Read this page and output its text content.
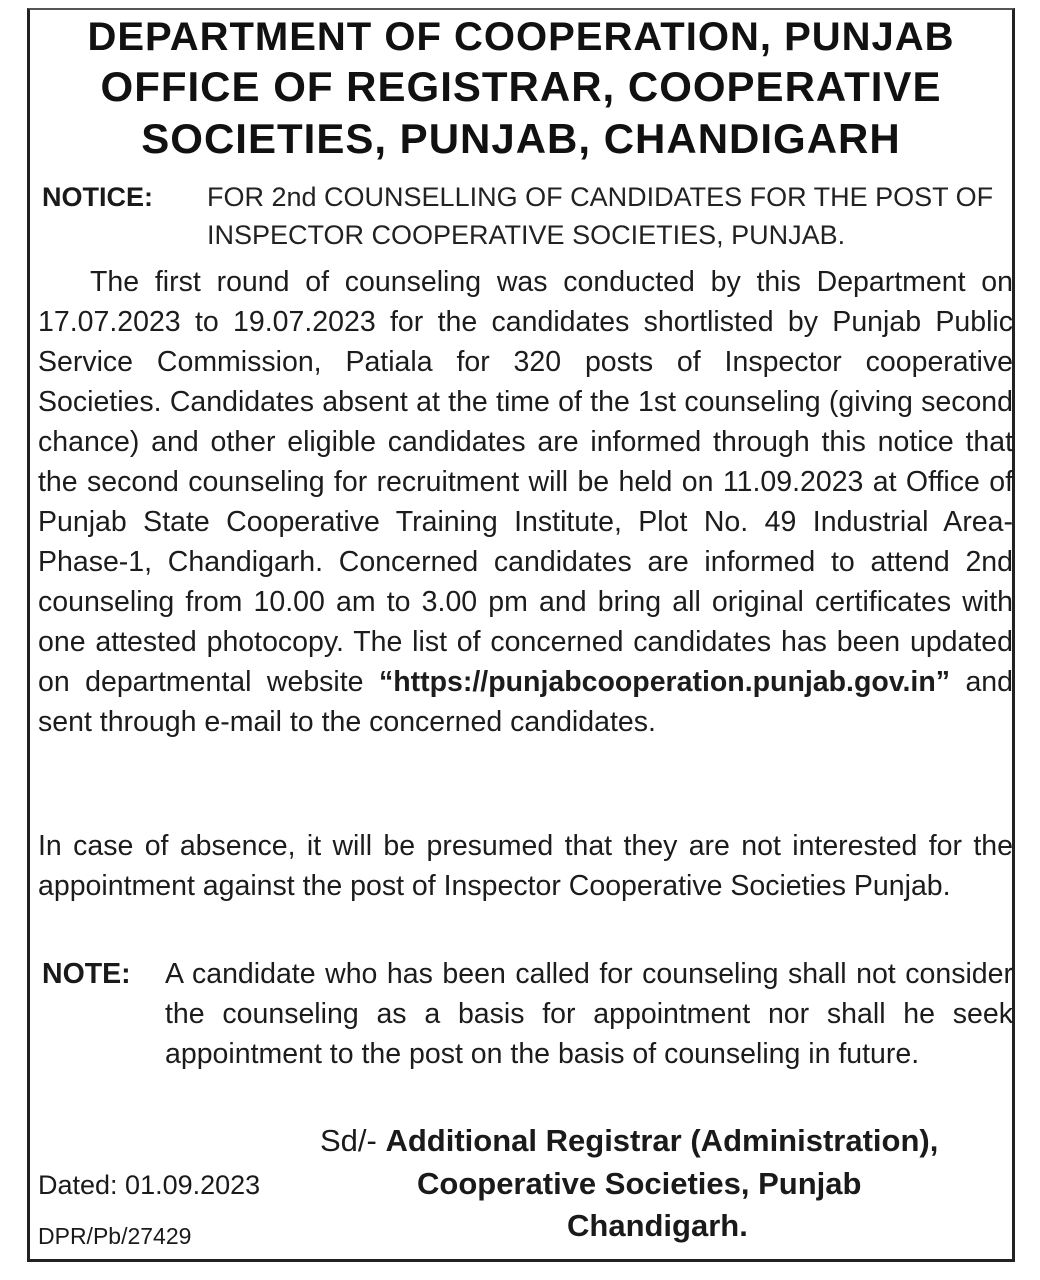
DEPARTMENT OF COOPERATION, PUNJAB
OFFICE OF REGISTRAR, COOPERATIVE
SOCIETIES, PUNJAB, CHANDIGARH
NOTICE: FOR 2nd COUNSELLING OF CANDIDATES FOR THE POST OF INSPECTOR COOPERATIVE SOCIETIES, PUNJAB.

The first round of counseling was conducted by this Department on 17.07.2023 to 19.07.2023 for the candidates shortlisted by Punjab Public Service Commission, Patiala for 320 posts of Inspector cooperative Societies. Candidates absent at the time of the 1st counseling (giving second chance) and other eligible candidates are informed through this notice that the second counseling for recruitment will be held on 11.09.2023 at Office of Punjab State Cooperative Training Institute, Plot No. 49 Industrial Area- Phase-1, Chandigarh. Concerned candidates are informed to attend 2nd counseling from 10.00 am to 3.00 pm and bring all original certificates with one attested photocopy. The list of concerned candidates has been updated on departmental website “https://punjabcooperation.punjab.gov.in” and sent through e-mail to the concerned candidates.

In case of absence, it will be presumed that they are not interested for the appointment against the post of Inspector Cooperative Societies Punjab.

NOTE: A candidate who has been called for counseling shall not consider the counseling as a basis for appointment nor shall he seek appointment to the post on the basis of counseling in future.
Sd/- Additional Registrar (Administration),
Cooperative Societies, Punjab
Chandigarh.
Dated: 01.09.2023
DPR/Pb/27429
